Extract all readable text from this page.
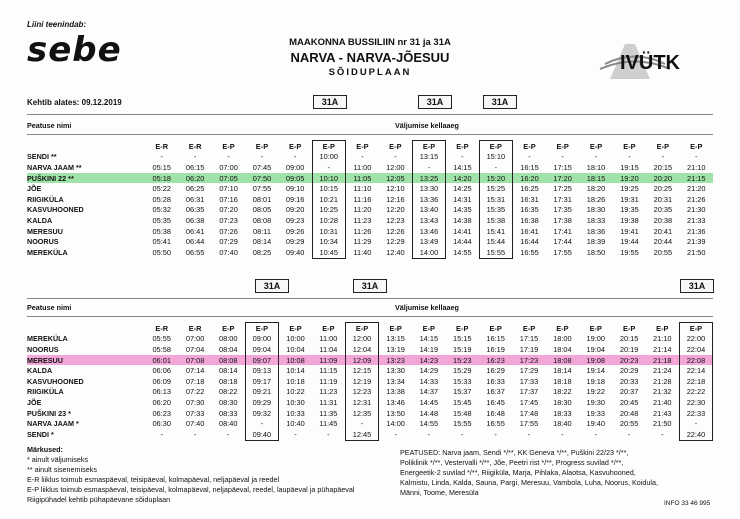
Liini teenindab:
sebe	MAAKONNA BUSSILIIN nr 31 ja 31A
NARVA - NARVA-JÕESUU
SÕIDUPLAAN	IVÜTK
Kehtib alates: 09.12.2019	31A	31A	31A
Peatuse nimi	Väljumise kellaaeg
	E-R	E-R	E-P	E-P	E-P	E-P	E-P	E-P	E-P	E-P	E-P	E-P	E-P	E-P	E-P	E-P	E-P
SENDI **	-	-	-	-	-	10:00	-	-	13:15	-	15:10	-	-	-	-	-	-
NARVA JAAM **	05:15	06:15	07:00	07:45	09:00	-	11:00	12:00	-	14:15	-	16:15	17:15	18:10	19:15	20:15	21:10
PUŠKINI 22 **	05:18	06:20	07:05	07:50	09:05	10:10	11:05	12:05	13:25	14:20	15:20	16:20	17:20	18:15	19:20	20:20	21:15
JÕE	05:22	06:25	07:10	07:55	09:10	10:15	11:10	12:10	13:30	14:25	15:25	16:25	17:25	18:20	19:25	20:25	21:20
RIIGIKÜLA	05:28	06:31	07:16	08:01	09:16	10:21	11:16	12:16	13:36	14:31	15:31	16:31	17:31	18:26	19:31	20:31	21:26
KASVUHOONED	05:32	06:35	07:20	08:05	09:20	10:25	11:20	12:20	13:40	14:35	15:35	16:35	17:35	18:30	19:35	20:35	21:30
KALDA	05:35	06:38	07:23	08:08	09:23	10:28	11:23	12:23	13:43	14:38	15:38	16:38	17:38	18:33	19:38	20:38	21:33
MERESUU	05:38	06:41	07:26	08:11	09:26	10:31	11:26	12:26	13:46	14:41	15:41	16:41	17:41	18:36	19:41	20:41	21:36
NOORUS	05:41	06:44	07:29	08:14	09:29	10:34	11:29	12:29	13:49	14:44	15:44	16:44	17:44	18:39	19:44	20:44	21:39
MEREKÜLA	05:50	06:55	07:40	08:25	09:40	10:45	11:40	12:40	14:00	14:55	15:55	16:55	17:55	18:50	19:55	20:55	21:50
31A	31A	31A
Peatuse nimi	Väljumise kellaaeg
	E-R	E-R	E-P	E-P	E-P	E-P	E-P	E-P	E-P	E-P	E-P	E-P	E-P	E-P	E-P	E-P	E-P
MEREKÜLA	05:55	07:00	08:00	09:00	10:00	11:00	12:00	13:15	14:15	15:15	16:15	17:15	18:00	19:00	20:15	21:10	22:00
NOORUS	05:58	07:04	08:04	09:04	10:04	11:04	12:04	13:19	14:19	15:19	16:19	17:19	18:04	19:04	20:19	21:14	22:04
MERESUU	06:01	07:08	08:08	09:07	10:08	11:09	12:09	13:23	14:23	15:23	16:23	17:23	18:08	19:08	20:23	21:18	22:08
KALDA	06:06	07:14	08:14	09:13	10:14	11:15	12:15	13:30	14:29	15:29	16:29	17:29	18:14	19:14	20:29	21:24	22:14
KASVUHOONED	06:09	07:18	08:18	09:17	10:18	11:19	12:19	13:34	14:33	15:33	16:33	17:33	18:18	19:18	20:33	21:28	22:18
RIIGIKÜLA	06:13	07:22	08:22	09:21	10:22	11:23	12:23	13:38	14:37	15:37	16:37	17:37	18:22	19:22	20:37	21:32	22:22
JÕE	06:20	07:30	08:30	09:29	10:30	11:31	12:31	13:46	14:45	15:45	16:45	17:45	18:30	19:30	20:45	21:40	22:30
PUŠKINI 23 *	06:23	07:33	08:33	09:32	10:33	11:35	12:35	13:50	14:48	15:48	16:48	17:48	18:33	19:33	20:48	21:43	22:33
NARVA JAAM *	06:30	07:40	08:40	-	10:40	11:45	-	14:00	14:55	15:55	16:55	17:55	18:40	19:40	20:55	21:50	-
SENDI *	-	-	-	09:40	-	-	12:45	-	-	-	-	-	-	-	-	-	22:40
Märkused:
* ainult väljumiseks
** ainult sisenemiseks
E-R liiklus toimub esmaspäeval, teisipäeval, kolmapäeval, neljapäeval ja reedel
E-P liiklus toimub esmaspäeval, teisipäeval, kolmapäeval, neljapäeval, reedel, laupäeval ja pühapäeval
Riigipühadel kehtib pühapäevane sõiduplaan
PEATUSED: Narva jaam, Sendi */**, KK Geneva */**, Puškini 22/23 */**,
Poliklinik */**, Vestervalli */**, Jõe, Peetri rist */**, Progress suvilad */**,
Energeetik-2 suvilad */**, Riigiküla, Marja, Pihlaka, Alaotsa, Kasvuhooned,
Kalmistu, Linda, Kalda, Sauna, Pargi, Meresuu, Vambola, Luha, Noorus, Koidula,
Männi, Toome, Meresüla
INFO 33 46 995
